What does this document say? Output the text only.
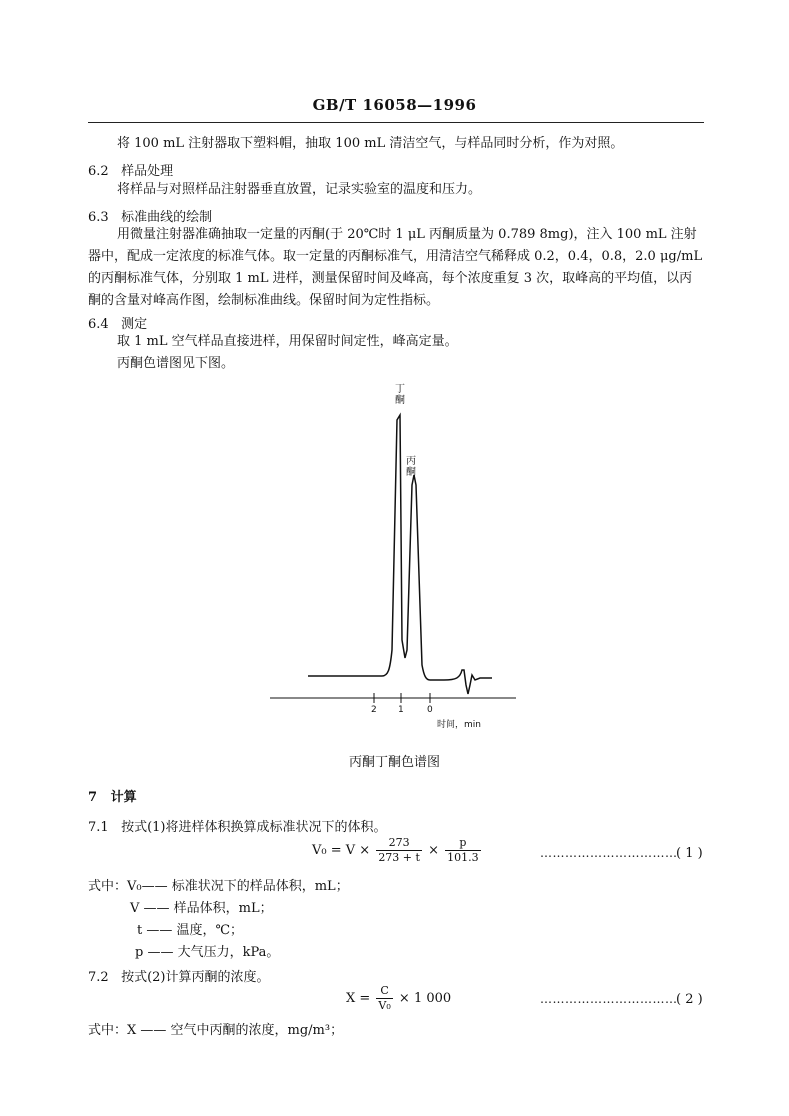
GB/T 16058—1996
将 100 mL 注射器取下塑料帽，抽取 100 mL 清洁空气，与样品同时分析，作为对照。
6.2 样品处理
将样品与对照样品注射器垂直放置，记录实验室的温度和压力。
6.3 标准曲线的绘制
用微量注射器准确抽取一定量的丙酮(于 20℃时 1 μL 丙酮质量为 0.789 8mg)，注入 100 mL 注射
器中，配成一定浓度的标准气体。取一定量的丙酮标准气，用清洁空气稀释成 0.2，0.4，0.8，2.0 μg/mL
的丙酮标准气体，分别取 1 mL 进样，测量保留时间及峰高，每个浓度重复 3 次，取峰高的平均值，以丙
酮的含量对峰高作图，绘制标准曲线。保留时间为定性指标。
6.4 测定
取 1 mL 空气样品直接进样，用保留时间定性，峰高定量。
丙酮色谱图见下图。
丁酮
丙酮
2 1	0
时间，min
丙酮丁酮色谱图
7 计算
7.1 按式(1)将进样体积换算成标准状况下的体积。
$V_0 = V \times \frac{273}{273 + t} \times \frac{p}{101.3}$	……………………………
( 1 )
式中：V₀—— 标准状况下的样品体积，mL；
V —— 样品体积，mL；
t —— 温度，℃；
p —— 大气压力，kPa。
7.2 按式(2)计算丙酮的浓度。
$X = \frac{C}{\text{V₀}} \times 1$ 000	……………………………
( 2 )
式中：X —— 空气中丙酮的浓度，mg/m³；
